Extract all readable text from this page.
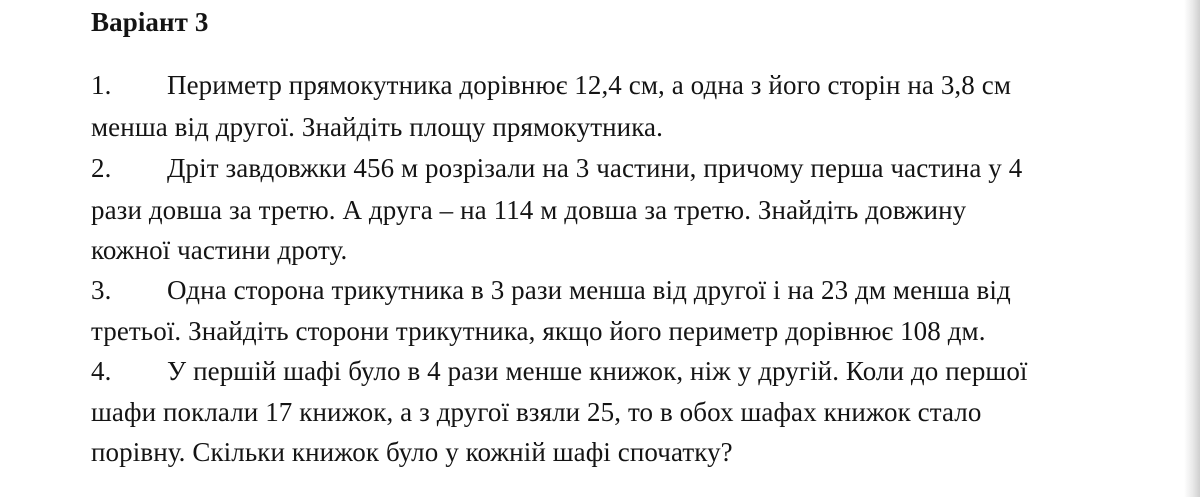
Варіант 3
1. Периметр прямокутника дорівнює 12,4 см, а одна з його сторін на 3,8 см
менша від другої. Знайдіть площу прямокутника.
2. Дріт завдовжки 456 м розрізали на 3 частини, причому перша частина у 4
рази довша за третю. А друга – на 114 м довша за третю. Знайдіть довжину
кожної частини дроту.
3. Одна сторона трикутника в 3 рази менша від другої і на 23 дм менша від
третьої. Знайдіть сторони трикутника, якщо його периметр дорівнює 108 дм.
4. У першій шафі було в 4 рази менше книжок, ніж у другій. Коли до першої
шафи поклали 17 книжок, а з другої взяли 25, то в обох шафах книжок стало
порівну. Скільки книжок було у кожній шафі спочатку?
